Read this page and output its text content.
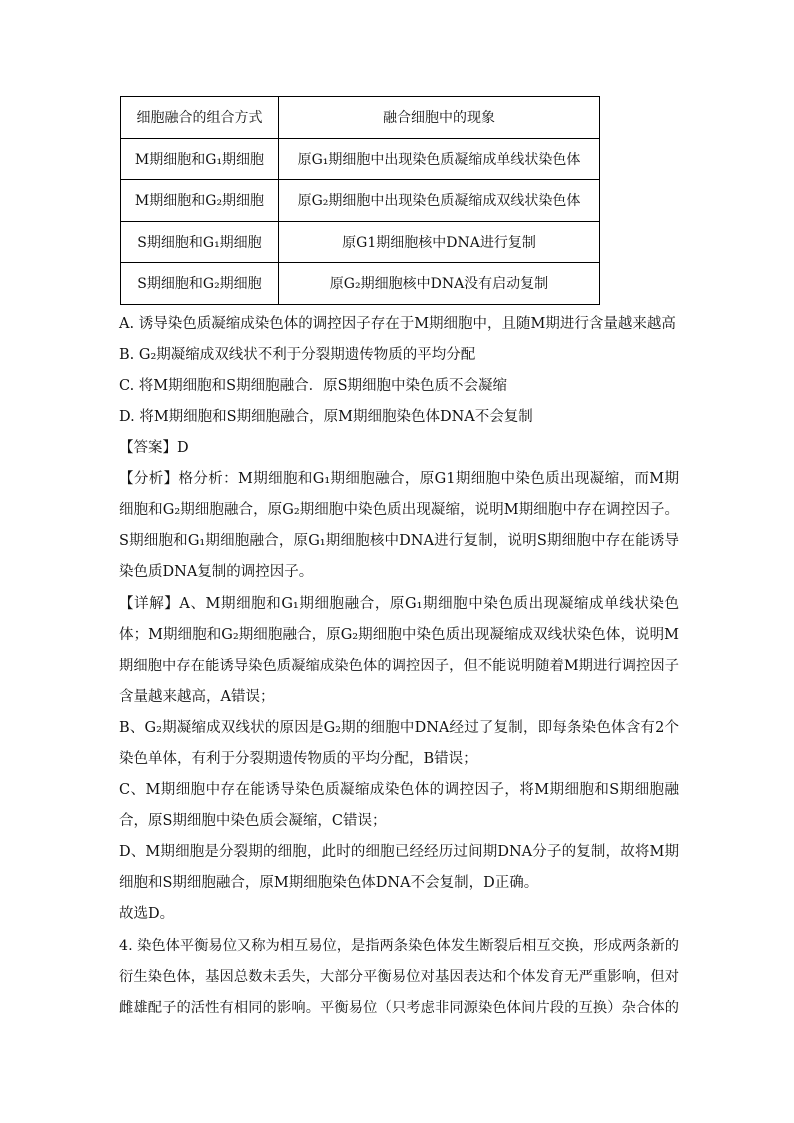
细胞融合的组合方式	融合细胞中的现象
M期细胞和G₁期细胞	原G₁期细胞中出现染色质凝缩成单线状染色体
M期细胞和G₂期细胞	原G₂期细胞中出现染色质凝缩成双线状染色体
S期细胞和G₁期细胞	原G1期细胞核中DNA进行复制
S期细胞和G₂期细胞	原G₂期细胞核中DNA没有启动复制
A. 诱导染色质凝缩成染色体的调控因子存在于M期细胞中，且随M期进行含量越来越高
B. G₂期凝缩成双线状不利于分裂期遗传物质的平均分配
C. 将M期细胞和S期细胞融合．原S期细胞中染色质不会凝缩
D. 将M期细胞和S期细胞融合，原M期细胞染色体DNA不会复制
【答案】D
【分析】格分析：M期细胞和G₁期细胞融合，原G1期细胞中染色质出现凝缩，而M期
细胞和G₂期细胞融合，原G₂期细胞中染色质出现凝缩，说明M期细胞中存在调控因子。
S期细胞和G₁期细胞融合，原G₁期细胞核中DNA进行复制，说明S期细胞中存在能诱导
染色质DNA复制的调控因子。
【详解】A、M期细胞和G₁期细胞融合，原G₁期细胞中染色质出现凝缩成单线状染色
体；M期细胞和G₂期细胞融合，原G₂期细胞中染色质出现凝缩成双线状染色体，说明M
期细胞中存在能诱导染色质凝缩成染色体的调控因子，但不能说明随着M期进行调控因子
含量越来越高，A错误；
B、G₂期凝缩成双线状的原因是G₂期的细胞中DNA经过了复制，即每条染色体含有2个
染色单体，有利于分裂期遗传物质的平均分配，B错误；
C、M期细胞中存在能诱导染色质凝缩成染色体的调控因子，将M期细胞和S期细胞融
合，原S期细胞中染色质会凝缩，C错误；
D、M期细胞是分裂期的细胞，此时的细胞已经经历过间期DNA分子的复制，故将M期
细胞和S期细胞融合，原M期细胞染色体DNA不会复制，D正确。
故选D。
4. 染色体平衡易位又称为相互易位，是指两条染色体发生断裂后相互交换，形成两条新的
衍生染色体，基因总数未丢失，大部分平衡易位对基因表达和个体发育无严重影响，但对
雌雄配子的活性有相同的影响。平衡易位（只考虑非同源染色体间片段的互换）杂合体的
